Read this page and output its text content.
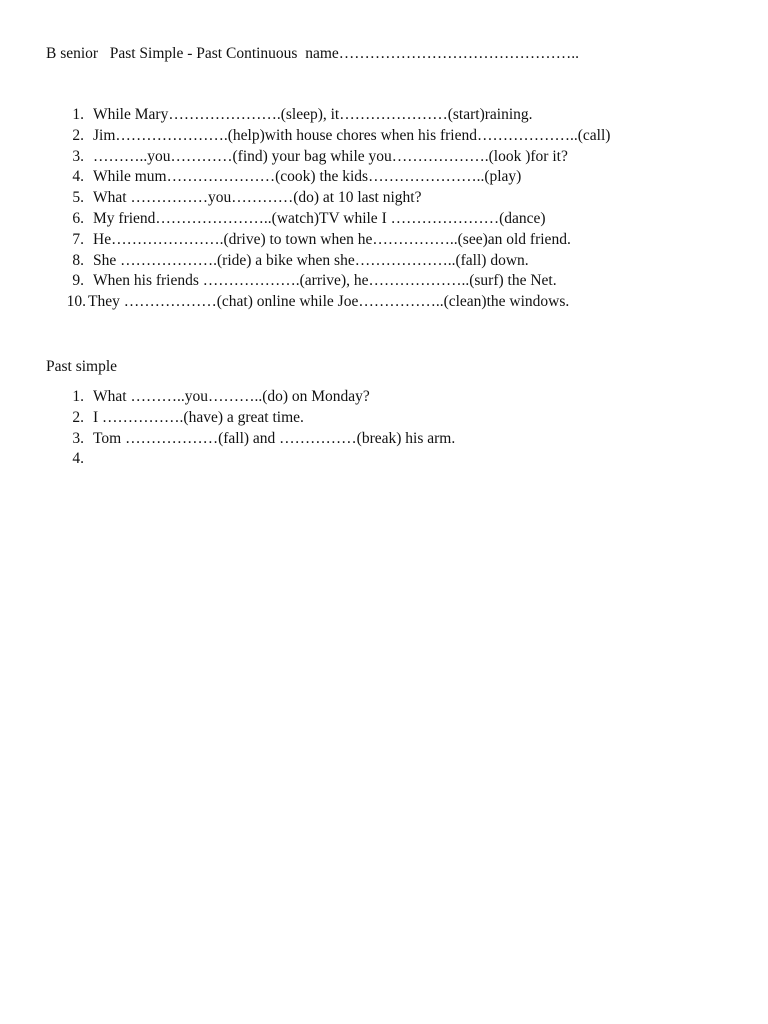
B senior   Past Simple - Past Continuous  name………………………………………..
1. While Mary………………….(sleep), it…………………(start)raining.
2. Jim………………….(help)with house chores when his friend………………..(call)
3. ………..you…………(find) your bag while you……………….(look )for it?
4. While mum…………………(cook) the kids…………………..(play)
5. What ……………you…………(do) at 10 last night?
6. My friend…………………..(watch)TV while I …………………(dance)
7. He………………….(drive) to town when he……………..(see)an old friend.
8. She ……………….(ride) a bike when she………………..(fall) down.
9. When his friends ……………….(arrive), he………………..(surf) the Net.
10. They ………………(chat) online while Joe……………..(clean)the windows.
Past simple
1. What ………..you………..(do) on Monday?
2. I …………….(have) a great time.
3. Tom ………………(fall) and ……………(break) his arm.
4.
